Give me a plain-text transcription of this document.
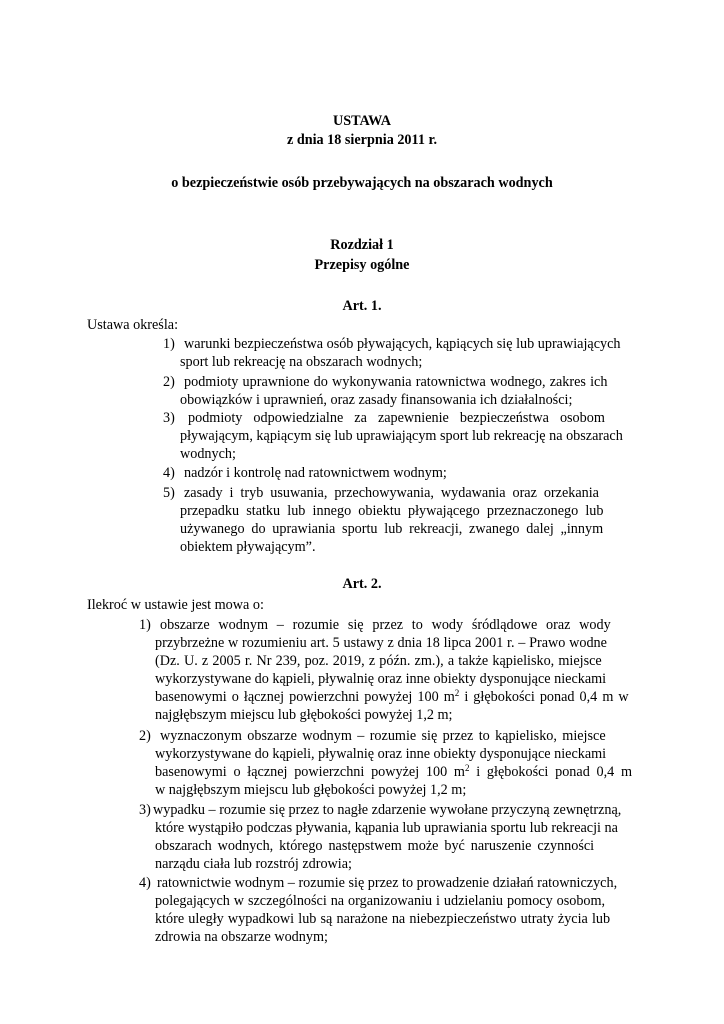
USTAWA
z dnia 18 sierpnia 2011 r.
o bezpieczeństwie osób przebywających na obszarach wodnych
Rozdział 1
Przepisy ogólne
Art. 1.
Ustawa określa:
1) warunki bezpieczeństwa osób pływających, kąpiących się lub uprawiających
sport lub rekreację na obszarach wodnych;
2) podmioty uprawnione do wykonywania ratownictwa wodnego, zakres ich
obowiązków i uprawnień, oraz zasady finansowania ich działalności;
3) podmioty odpowiedzialne za zapewnienie bezpieczeństwa osobom
pływającym, kąpiącym się lub uprawiającym sport lub rekreację na obszarach
wodnych;
4) nadzór i kontrolę nad ratownictwem wodnym;
5) zasady i tryb usuwania, przechowywania, wydawania oraz orzekania
przepadku statku lub innego obiektu pływającego przeznaczonego lub
używanego do uprawiania sportu lub rekreacji, zwanego dalej „innym
obiektem pływającym”.
Art. 2.
Ilekroć w ustawie jest mowa o:
1) obszarze wodnym – rozumie się przez to wody śródlądowe oraz wody
przybrzeżne w rozumieniu art. 5 ustawy z dnia 18 lipca 2001 r. – Prawo wodne
(Dz. U. z 2005 r. Nr 239, poz. 2019, z późn. zm.), a także kąpielisko, miejsce
wykorzystywane do kąpieli, pływalnię oraz inne obiekty dysponujące nieckami
basenowymi o łącznej powierzchni powyżej 100 $m^2$ i głębokości ponad 0,4 m w
najgłębszym miejscu lub głębokości powyżej 1,2 m;
2) wyznaczonym obszarze wodnym – rozumie się przez to kąpielisko, miejsce
wykorzystywane do kąpieli, pływalnię oraz inne obiekty dysponujące nieckami
basenowymi o łącznej powierzchni powyżej 100 $m^2$ i głębokości ponad 0,4 m
w najgłębszym miejscu lub głębokości powyżej 1,2 m;
3) wypadku – rozumie się przez to nagłe zdarzenie wywołane przyczyną zewnętrzną,
które wystąpiło podczas pływania, kąpania lub uprawiania sportu lub rekreacji na
obszarach wodnych, którego następstwem może być naruszenie czynności
narządu ciała lub rozstrój zdrowia;
4) ratownictwie wodnym – rozumie się przez to prowadzenie działań ratowniczych,
polegających w szczególności na organizowaniu i udzielaniu pomocy osobom,
które uległy wypadkowi lub są narażone na niebezpieczeństwo utraty życia lub
zdrowia na obszarze wodnym;
